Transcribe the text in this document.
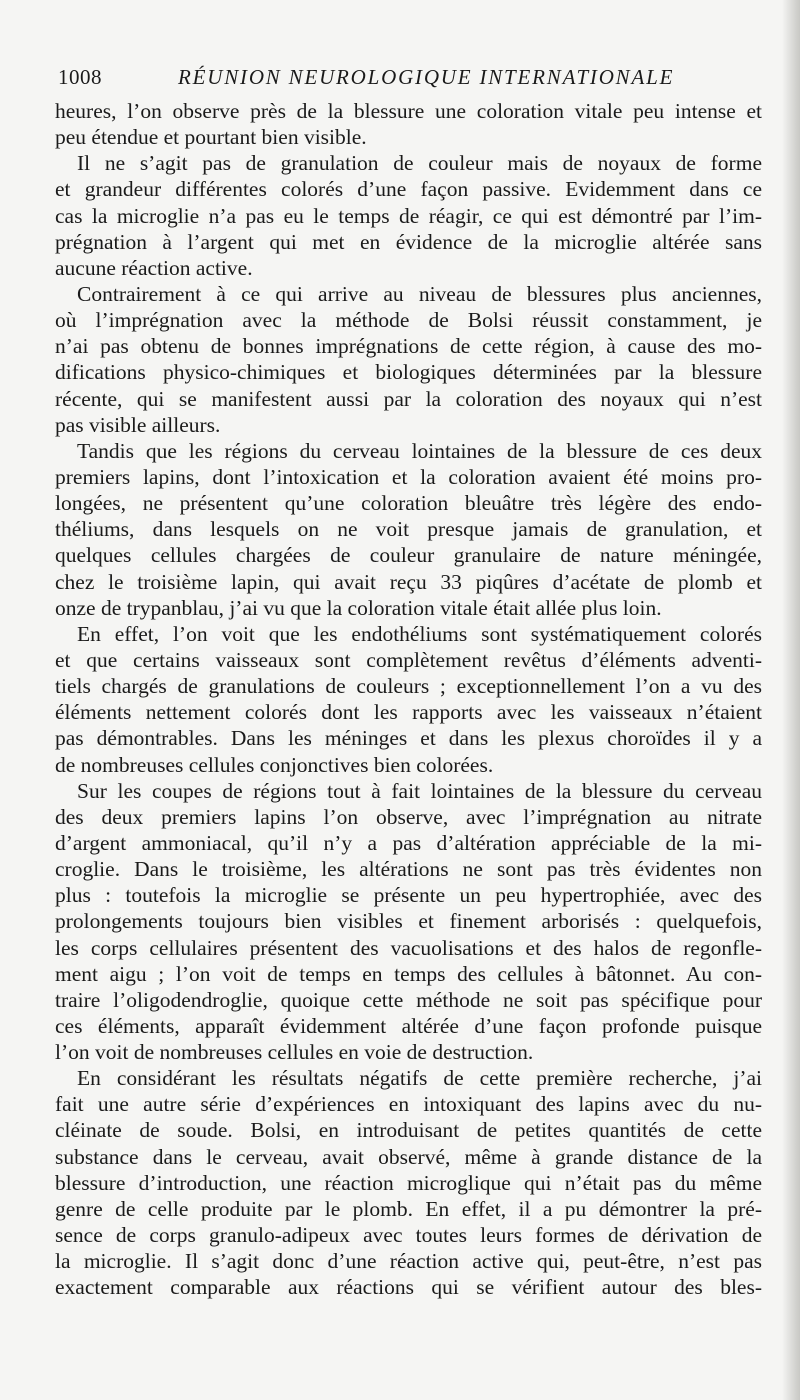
1008	RÉUNION NEUROLOGIQUE INTERNATIONALE
heures, l’on observe près de la blessure une coloration vitale peu intense et
peu étendue et pourtant bien visible.
Il ne s’agit pas de granulation de couleur mais de noyaux de forme
et grandeur différentes colorés d’une façon passive. Evidemment dans ce
cas la microglie n’a pas eu le temps de réagir, ce qui est démontré par l’im-
prégnation à l’argent qui met en évidence de la microglie altérée sans
aucune réaction active.
Contrairement à ce qui arrive au niveau de blessures plus anciennes,
où l’imprégnation avec la méthode de Bolsi réussit constamment, je
n’ai pas obtenu de bonnes imprégnations de cette région, à cause des mo-
difications physico-chimiques et biologiques déterminées par la blessure
récente, qui se manifestent aussi par la coloration des noyaux qui n’est
pas visible ailleurs.
Tandis que les régions du cerveau lointaines de la blessure de ces deux
premiers lapins, dont l’intoxication et la coloration avaient été moins pro-
longées, ne présentent qu’une coloration bleuâtre très légère des endo-
théliums, dans lesquels on ne voit presque jamais de granulation, et
quelques cellules chargées de couleur granulaire de nature méningée,
chez le troisième lapin, qui avait reçu 33 piqûres d’acétate de plomb et
onze de trypanblau, j’ai vu que la coloration vitale était allée plus loin.
En effet, l’on voit que les endothéliums sont systématiquement colorés
et que certains vaisseaux sont complètement revêtus d’éléments adventi-
tiels chargés de granulations de couleurs ; exceptionnellement l’on a vu des
éléments nettement colorés dont les rapports avec les vaisseaux n’étaient
pas démontrables. Dans les méninges et dans les plexus choroïdes il y a
de nombreuses cellules conjonctives bien colorées.
Sur les coupes de régions tout à fait lointaines de la blessure du cerveau
des deux premiers lapins l’on observe, avec l’imprégnation au nitrate
d’argent ammoniacal, qu’il n’y a pas d’altération appréciable de la mi-
croglie. Dans le troisième, les altérations ne sont pas très évidentes non
plus : toutefois la microglie se présente un peu hypertrophiée, avec des
prolongements toujours bien visibles et finement arborisés : quelquefois,
les corps cellulaires présentent des vacuolisations et des halos de regonfle-
ment aigu ; l’on voit de temps en temps des cellules à bâtonnet. Au con-
traire l’oligodendroglie, quoique cette méthode ne soit pas spécifique pour
ces éléments, apparaît évidemment altérée d’une façon profonde puisque
l’on voit de nombreuses cellules en voie de destruction.
En considérant les résultats négatifs de cette première recherche, j’ai
fait une autre série d’expériences en intoxiquant des lapins avec du nu-
cléinate de soude. Bolsi, en introduisant de petites quantités de cette
substance dans le cerveau, avait observé, même à grande distance de la
blessure d’introduction, une réaction microglique qui n’était pas du même
genre de celle produite par le plomb. En effet, il a pu démontrer la pré-
sence de corps granulo-adipeux avec toutes leurs formes de dérivation de
la microglie. Il s’agit donc d’une réaction active qui, peut-être, n’est pas
exactement comparable aux réactions qui se vérifient autour des bles-
